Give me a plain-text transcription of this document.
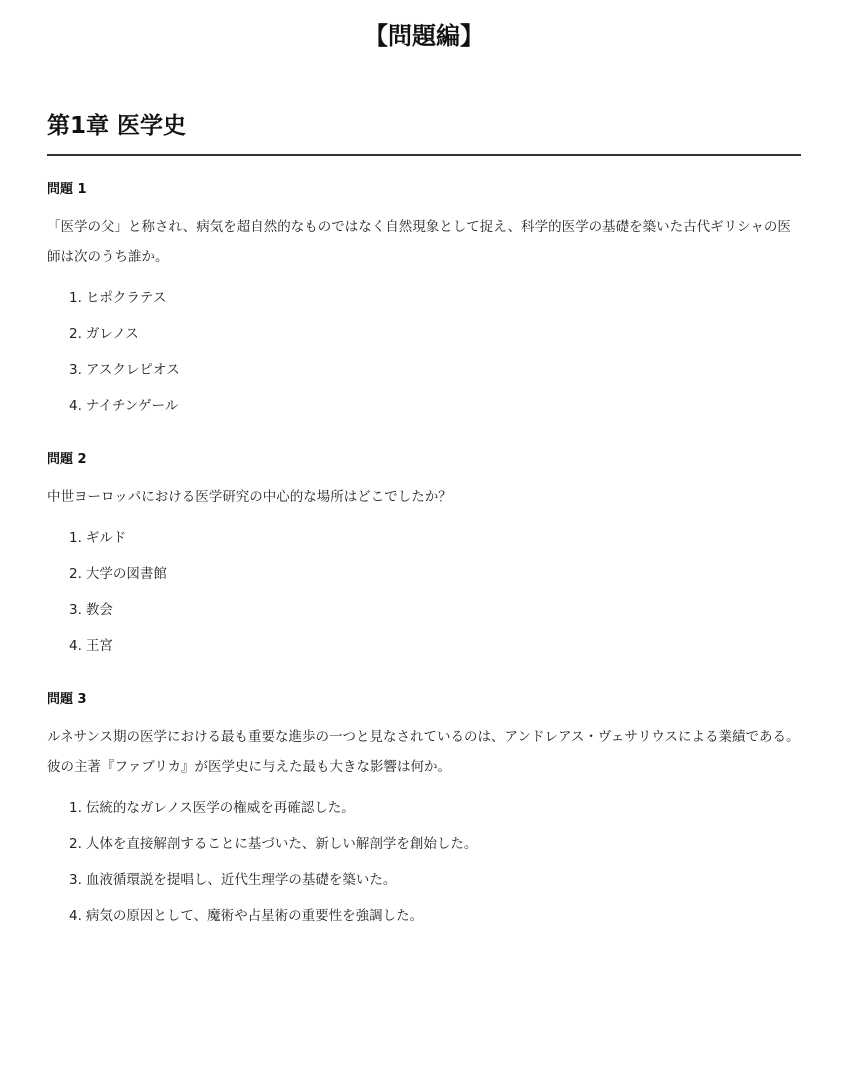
【問題編】
第1章 医学史
問題 1

「医学の父」と称され、病気を超自然的なものではなく自然現象として捉え、科学的医学の基礎を築いた古代ギリシャの医師は次のうち誰か。

1. ヒポクラテス
2. ガレノス
3. アスクレピオス
4. ナイチンゲール
問題 2

中世ヨーロッパにおける医学研究の中心的な場所はどこでしたか？

1. ギルド
2. 大学の図書館
3. 教会
4. 王宮
問題 3

ルネサンス期の医学における最も重要な進歩の一つと見なされているのは、アンドレアス・ヴェサリウスによる業績である。彼の主著『ファブリカ』が医学史に与えた最も大きな影響は何か。

1. 伝統的なガレノス医学の権威を再確認した。
2. 人体を直接解剖することに基づいた、新しい解剖学を創始した。
3. 血液循環説を提唱し、近代生理学の基礎を築いた。
4. 病気の原因として、魔術や占星術の重要性を強調した。
